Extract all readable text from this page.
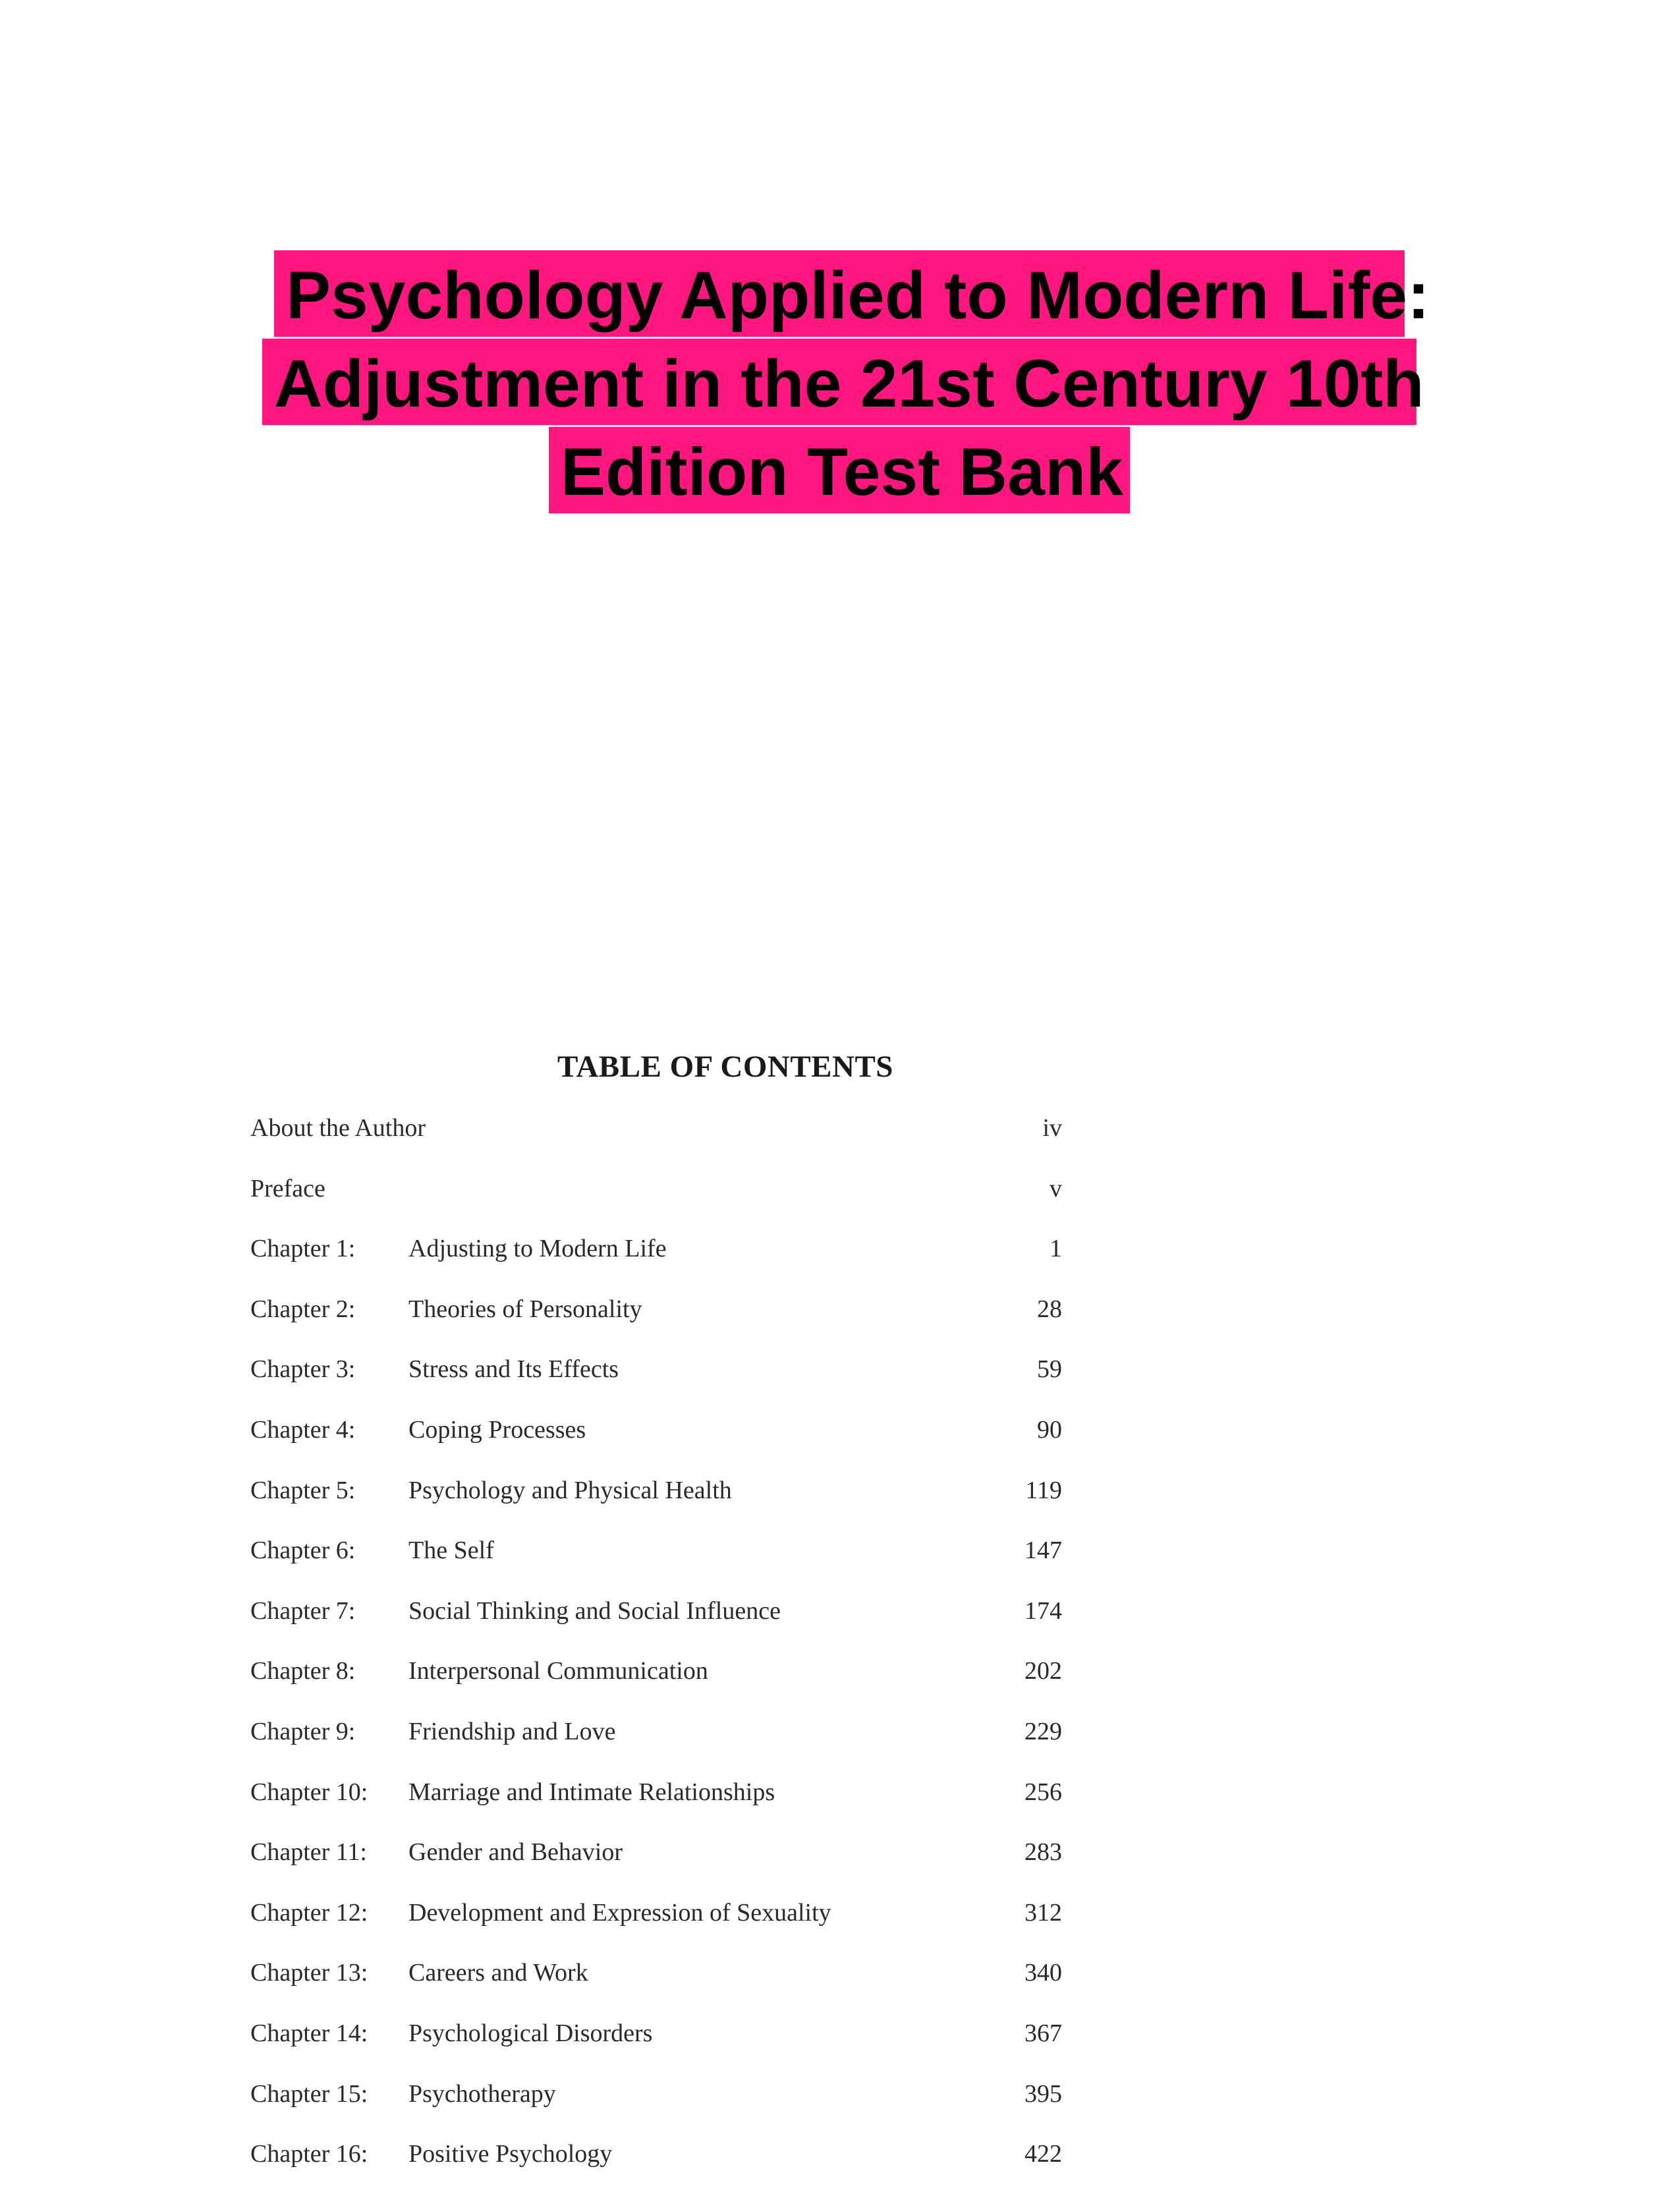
Psychology Applied to Modern Life:
Adjustment in the 21st Century 10th
Edition Test Bank
TABLE OF CONTENTS
About the Author	iv
Preface	v
Chapter 1: Adjusting to Modern Life	1
Chapter 2: Theories of Personality	28
Chapter 3: Stress and Its Effects	59
Chapter 4: Coping Processes	90
Chapter 5: Psychology and Physical Health	119
Chapter 6: The Self	147
Chapter 7: Social Thinking and Social Influence	174
Chapter 8: Interpersonal Communication	202
Chapter 9: Friendship and Love	229
Chapter 10: Marriage and Intimate Relationships	256
Chapter 11: Gender and Behavior	283
Chapter 12: Development and Expression of Sexuality	312
Chapter 13: Careers and Work	340
Chapter 14: Psychological Disorders	367
Chapter 15: Psychotherapy	395
Chapter 16: Positive Psychology	422
